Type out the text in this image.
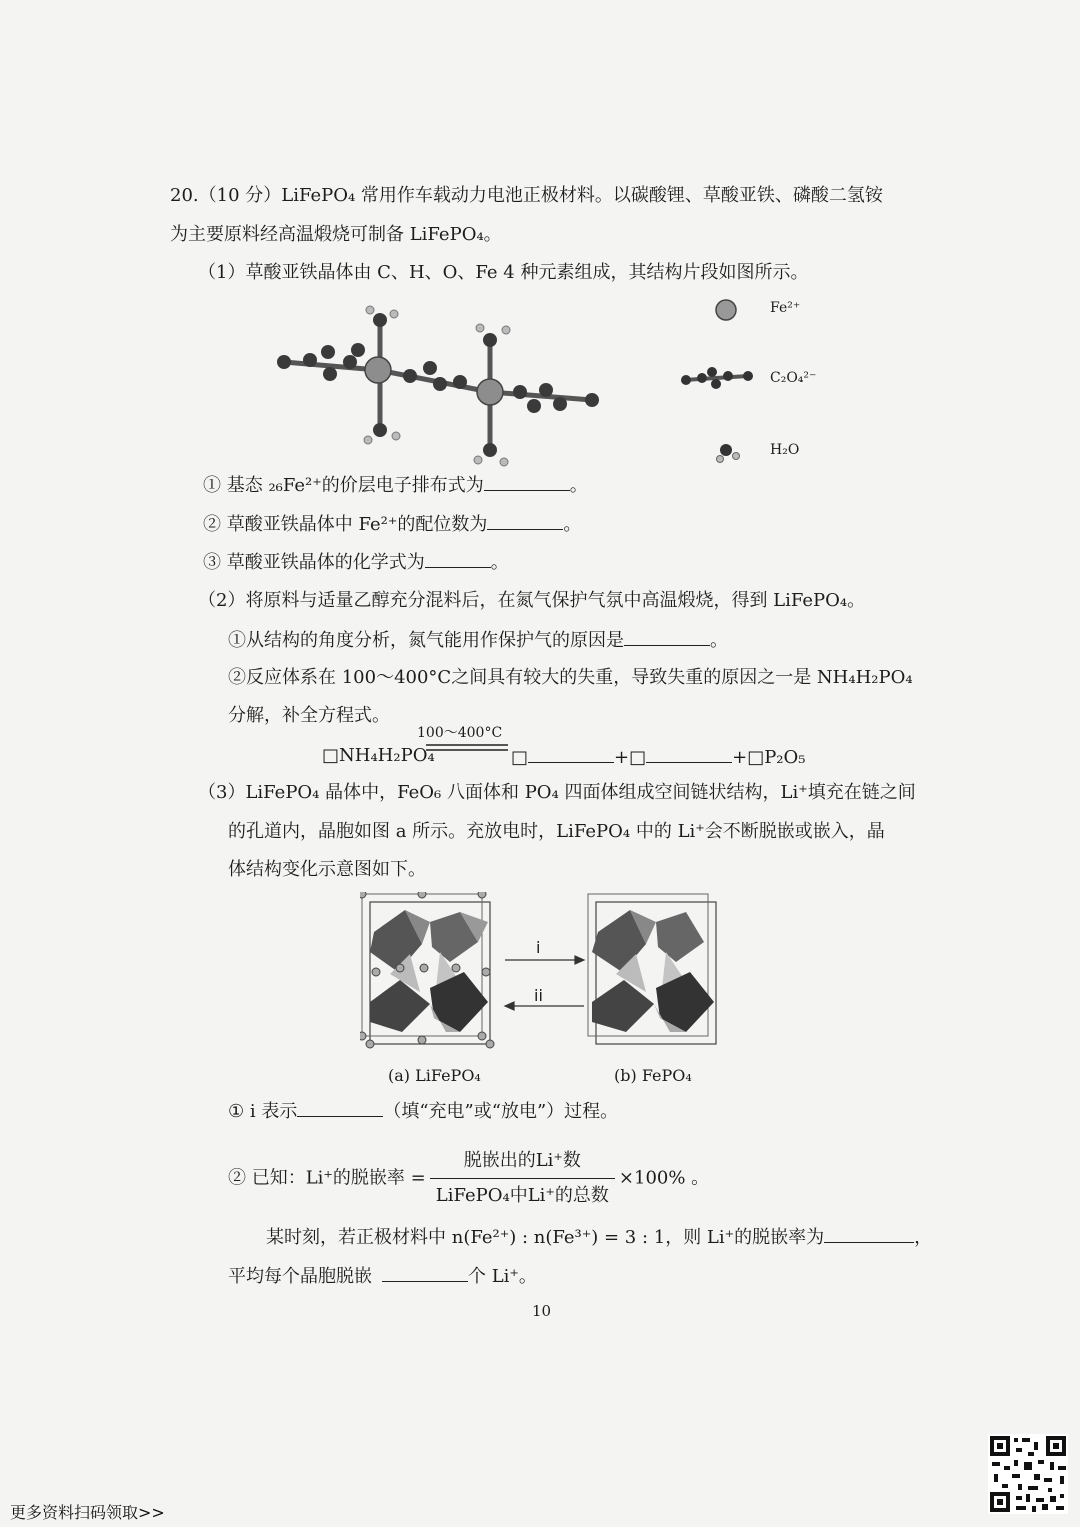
20.（10 分）LiFePO₄ 常用作车载动力电池正极材料。以碳酸锂、草酸亚铁、磷酸二氢铵
为主要原料经高温煅烧可制备 LiFePO₄。
（1）草酸亚铁晶体由 C、H、O、Fe 4 种元素组成，其结构片段如图所示。
Fe²⁺
C₂O₄²⁻
H₂O
① 基态 ₂₆Fe²⁺的价层电子排布式为	。
② 草酸亚铁晶体中 Fe²⁺的配位数为	。
③ 草酸亚铁晶体的化学式为	。
（2）将原料与适量乙醇充分混料后，在氮气保护气氛中高温煅烧，得到 LiFePO₄。
①从结构的角度分析，氮气能用作保护气的原因是	。
②反应体系在 100～400°C之间具有较大的失重，导致失重的原因之一是 NH₄H₂PO₄
分解，补全方程式。
100～400°C
□NH₄H₂PO₄	□	+□	+□P₂O₅
（3）LiFePO₄ 晶体中，FeO₆ 八面体和 PO₄ 四面体组成空间链状结构，Li⁺填充在链之间
的孔道内，晶胞如图 a 所示。充放电时，LiFePO₄ 中的 Li⁺会不断脱嵌或嵌入，晶
体结构变化示意图如下。
i
ii
(a) LiFePO₄	(b) FePO₄
① i 表示	（填“充电”或“放电”）过程。
② 已知：Li⁺的脱嵌率 = $\frac{\text{脱嵌出的Li⁺数}}{\text{LiFePO₄中Li⁺的总数}} \times 100\%$ 。
某时刻，若正极材料中 n(Fe²⁺) : n(Fe³⁺) = 3 : 1，则 Li⁺的脱嵌率为	，
平均每个晶胞脱嵌	个 Li⁺。
10
更多资料扫码领取>>
